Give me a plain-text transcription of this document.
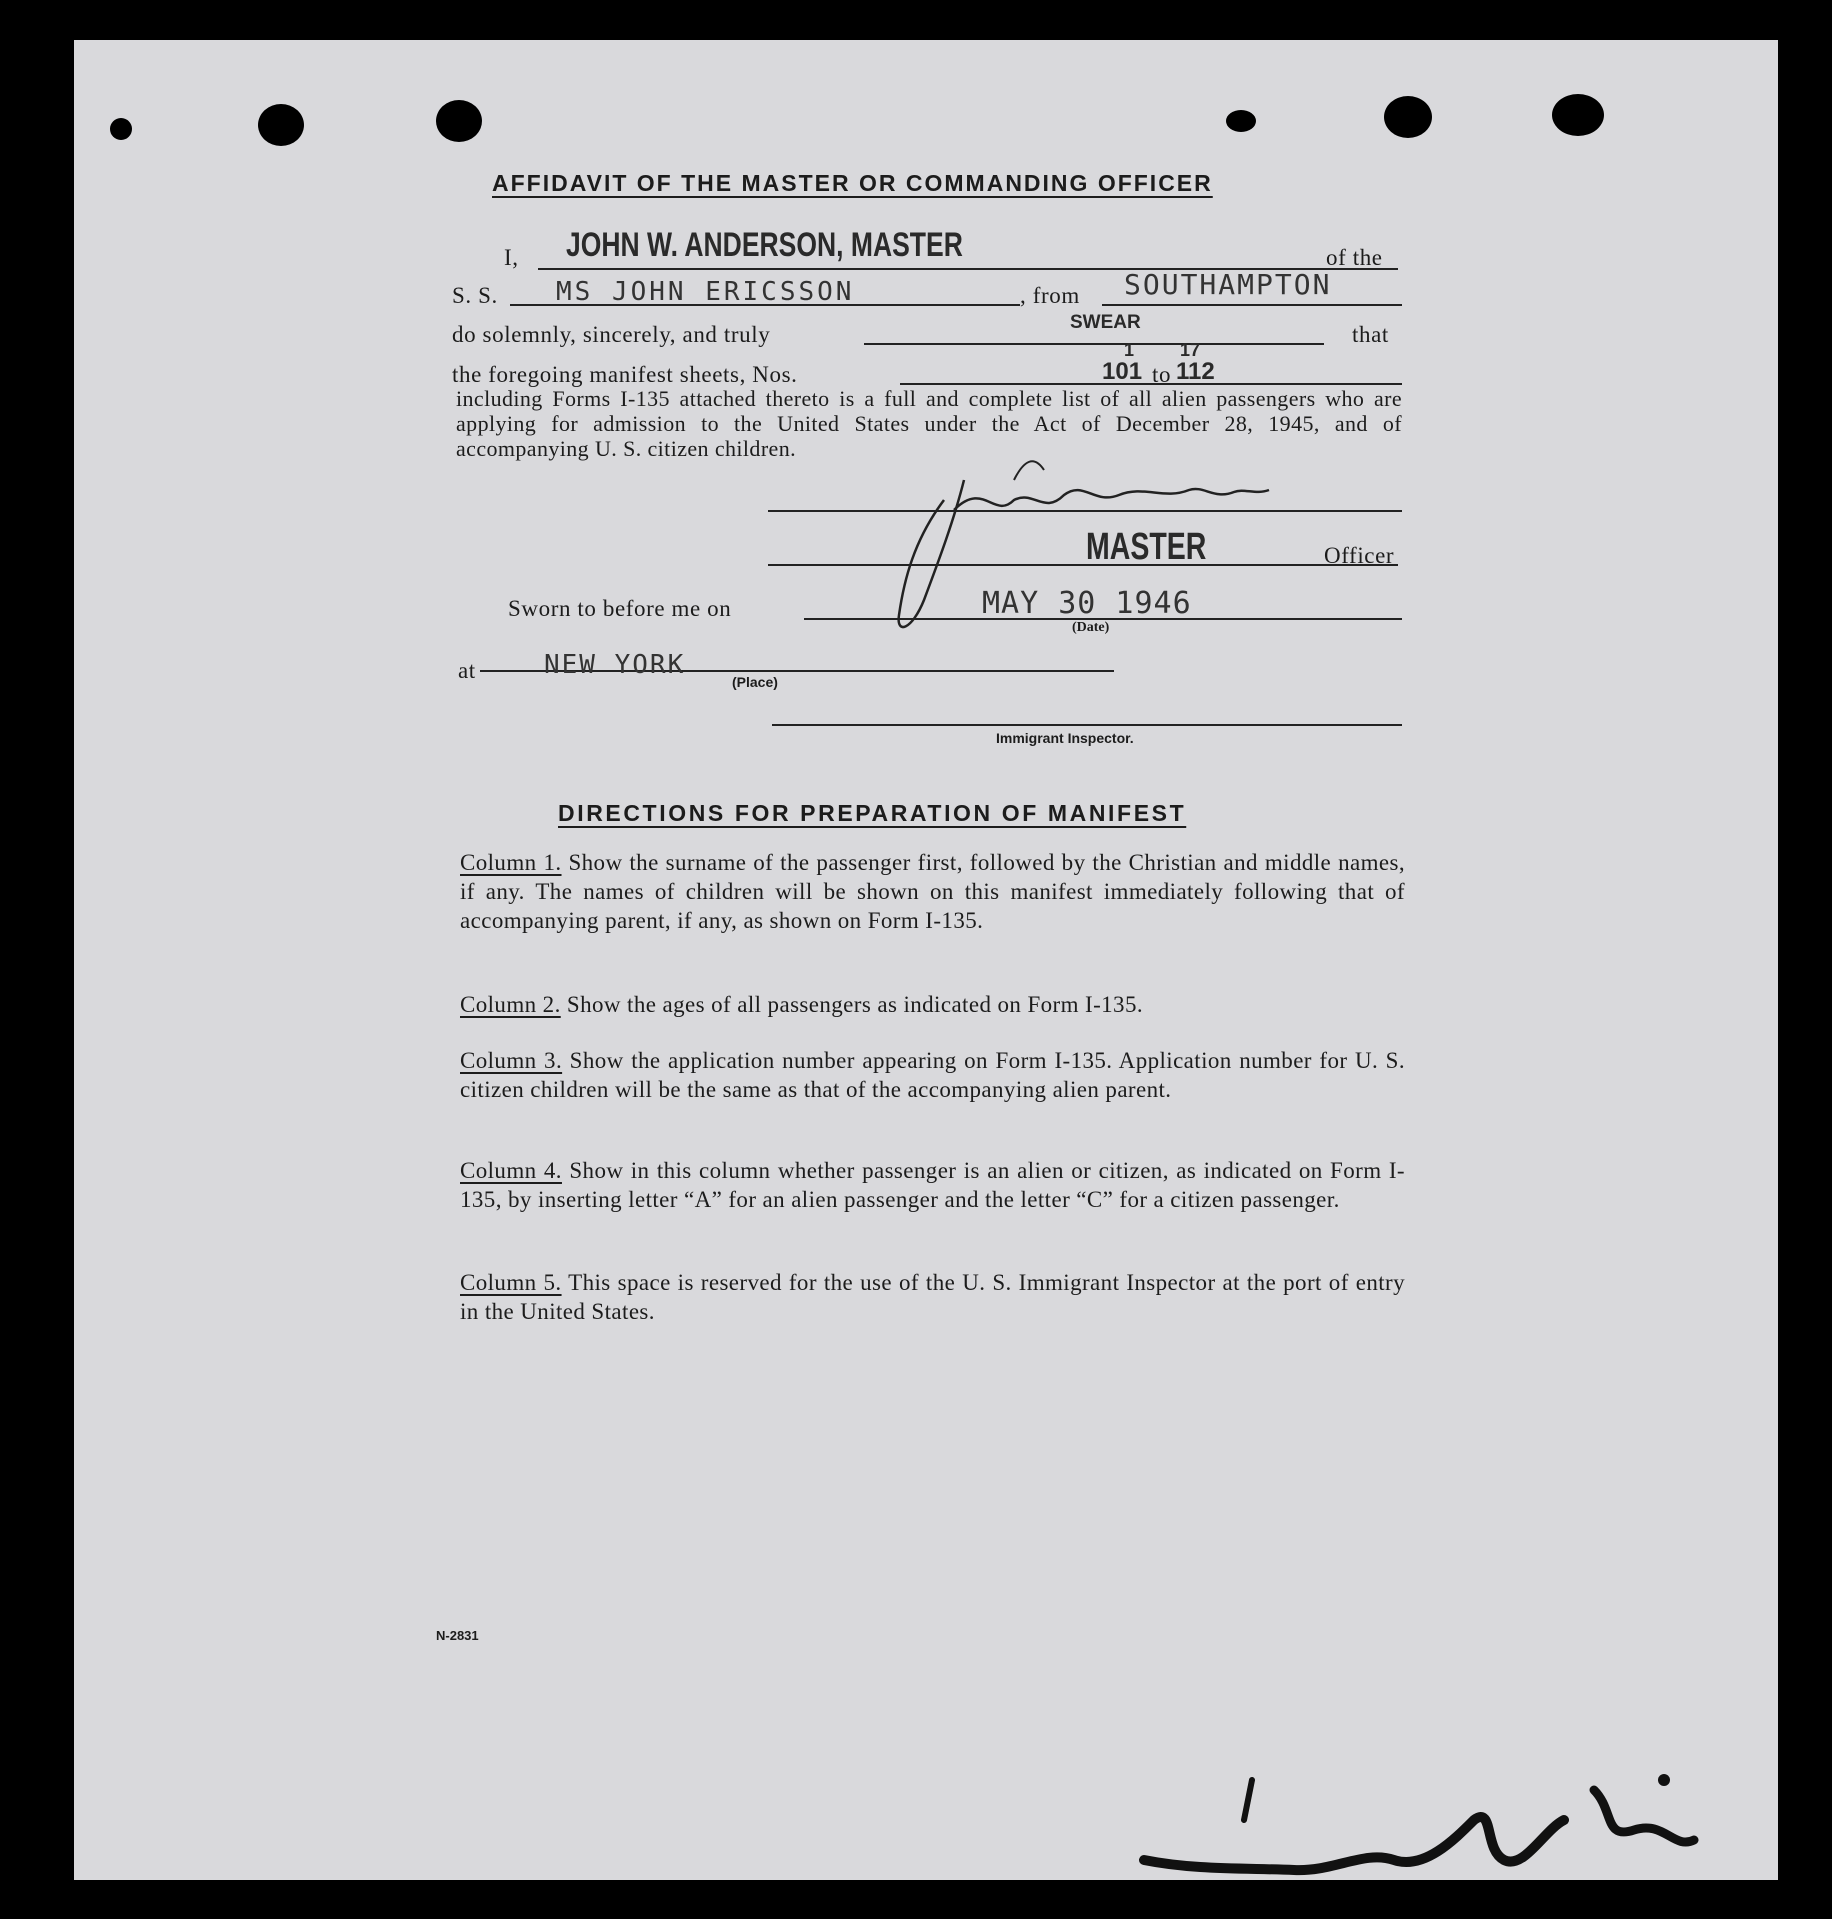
AFFIDAVIT OF THE MASTER OR COMMANDING OFFICER
I, JOHN W. ANDERSON, MASTER	of the
S. S. MS JOHN ERICSSON	, from SOUTHAMPTON
do solemnly, sincerely, and truly	SWEAR	that
the foregoing manifest sheets, Nos.
1
101 to
17
112
including Forms I-135 attached thereto is a full and complete list of all alien passengers who are applying for admission to the United States under the Act of December 28, 1945, and of accompanying U. S. citizen children.
MASTER	Officer
Sworn to before me on	MAY 30 1946
(Date)
at	NEW YORK
(Place)
Immigrant Inspector.
DIRECTIONS FOR PREPARATION OF MANIFEST
Column 1. Show the surname of the passenger first, followed by the Christian and middle names, if any. The names of children will be shown on this manifest immediately following that of accompanying parent, if any, as shown on Form I-135.
Column 2. Show the ages of all passengers as indicated on Form I-135.
Column 3. Show the application number appearing on Form I-135. Application number for U. S. citizen children will be the same as that of the accompanying alien parent.
Column 4. Show in this column whether passenger is an alien or citizen, as indicated on Form I-135, by inserting letter “A” for an alien passenger and the letter “C” for a citizen passenger.
Column 5. This space is reserved for the use of the U. S. Immigrant Inspector at the port of entry in the United States.
N-2831
